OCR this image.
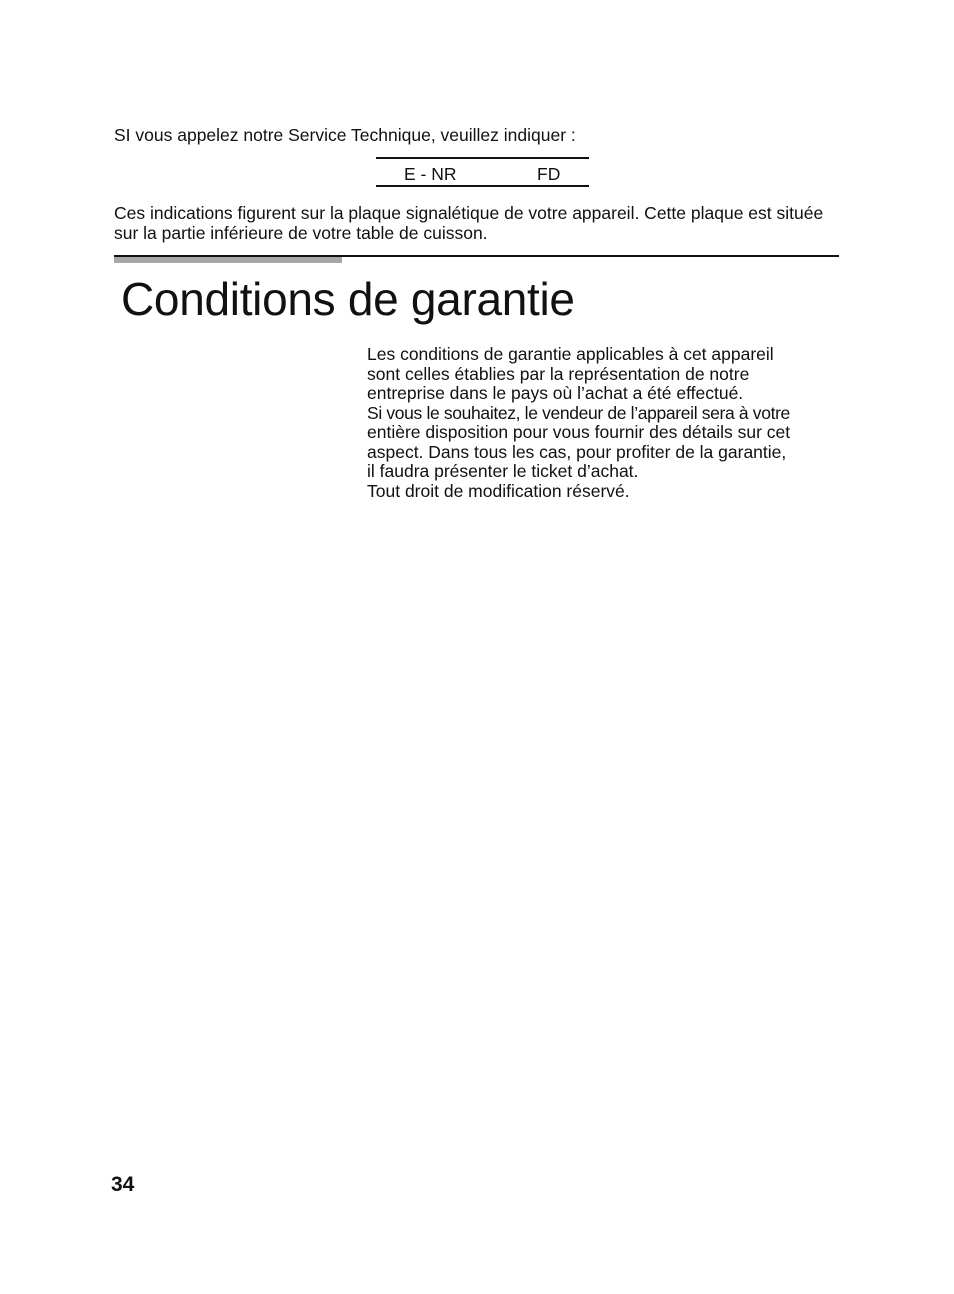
SI vous appelez notre Service Technique, veuillez indiquer :

E - NR	FD

Ces indications figurent sur la plaque signalétique de votre appareil. Cette plaque est située sur la partie inférieure de votre table de cuisson.

Conditions de garantie

Les conditions de garantie applicables à cet appareil
sont celles établies par la représentation de notre
entreprise dans le pays où l’achat a été effectué.
Si vous le souhaitez, le vendeur de l’appareil sera à votre
entière disposition pour vous fournir des détails sur cet
aspect. Dans tous les cas, pour profiter de la garantie,
il faudra présenter le ticket d’achat.
Tout droit de modification réservé.

34
